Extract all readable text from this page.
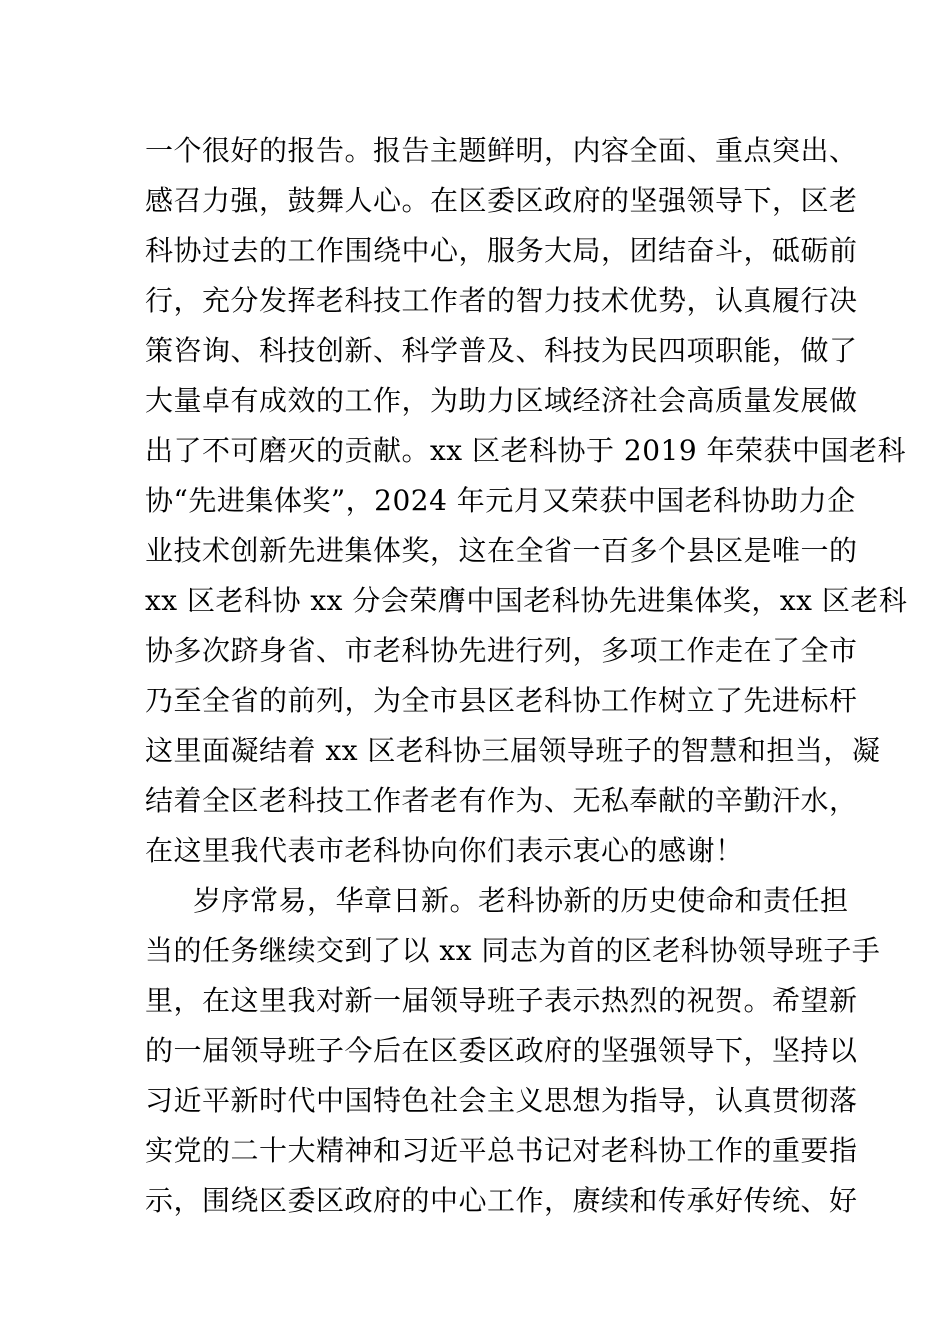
一个很好的报告。报告主题鲜明，内容全面、重点突出、
感召力强，鼓舞人心。在区委区政府的坚强领导下，区老
科协过去的工作围绕中心，服务大局，团结奋斗，砥砺前
行，充分发挥老科技工作者的智力技术优势，认真履行决
策咨询、科技创新、科学普及、科技为民四项职能，做了
大量卓有成效的工作，为助力区域经济社会高质量发展做
出了不可磨灭的贡献。xx 区老科协于 2019 年荣获中国老科
协“先进集体奖”，2024 年元月又荣获中国老科协助力企
业技术创新先进集体奖，这在全省一百多个县区是唯一的
xx 区老科协 xx 分会荣膺中国老科协先进集体奖，xx 区老科
协多次跻身省、市老科协先进行列，多项工作走在了全市
乃至全省的前列，为全市县区老科协工作树立了先进标杆
这里面凝结着 xx 区老科协三届领导班子的智慧和担当，凝
结着全区老科技工作者老有作为、无私奉献的辛勤汗水，
在这里我代表市老科协向你们表示衷心的感谢！
岁序常易，华章日新。老科协新的历史使命和责任担
当的任务继续交到了以 xx 同志为首的区老科协领导班子手
里，在这里我对新一届领导班子表示热烈的祝贺。希望新
的一届领导班子今后在区委区政府的坚强领导下，坚持以
习近平新时代中国特色社会主义思想为指导，认真贯彻落
实党的二十大精神和习近平总书记对老科协工作的重要指
示，围绕区委区政府的中心工作，赓续和传承好传统、好
